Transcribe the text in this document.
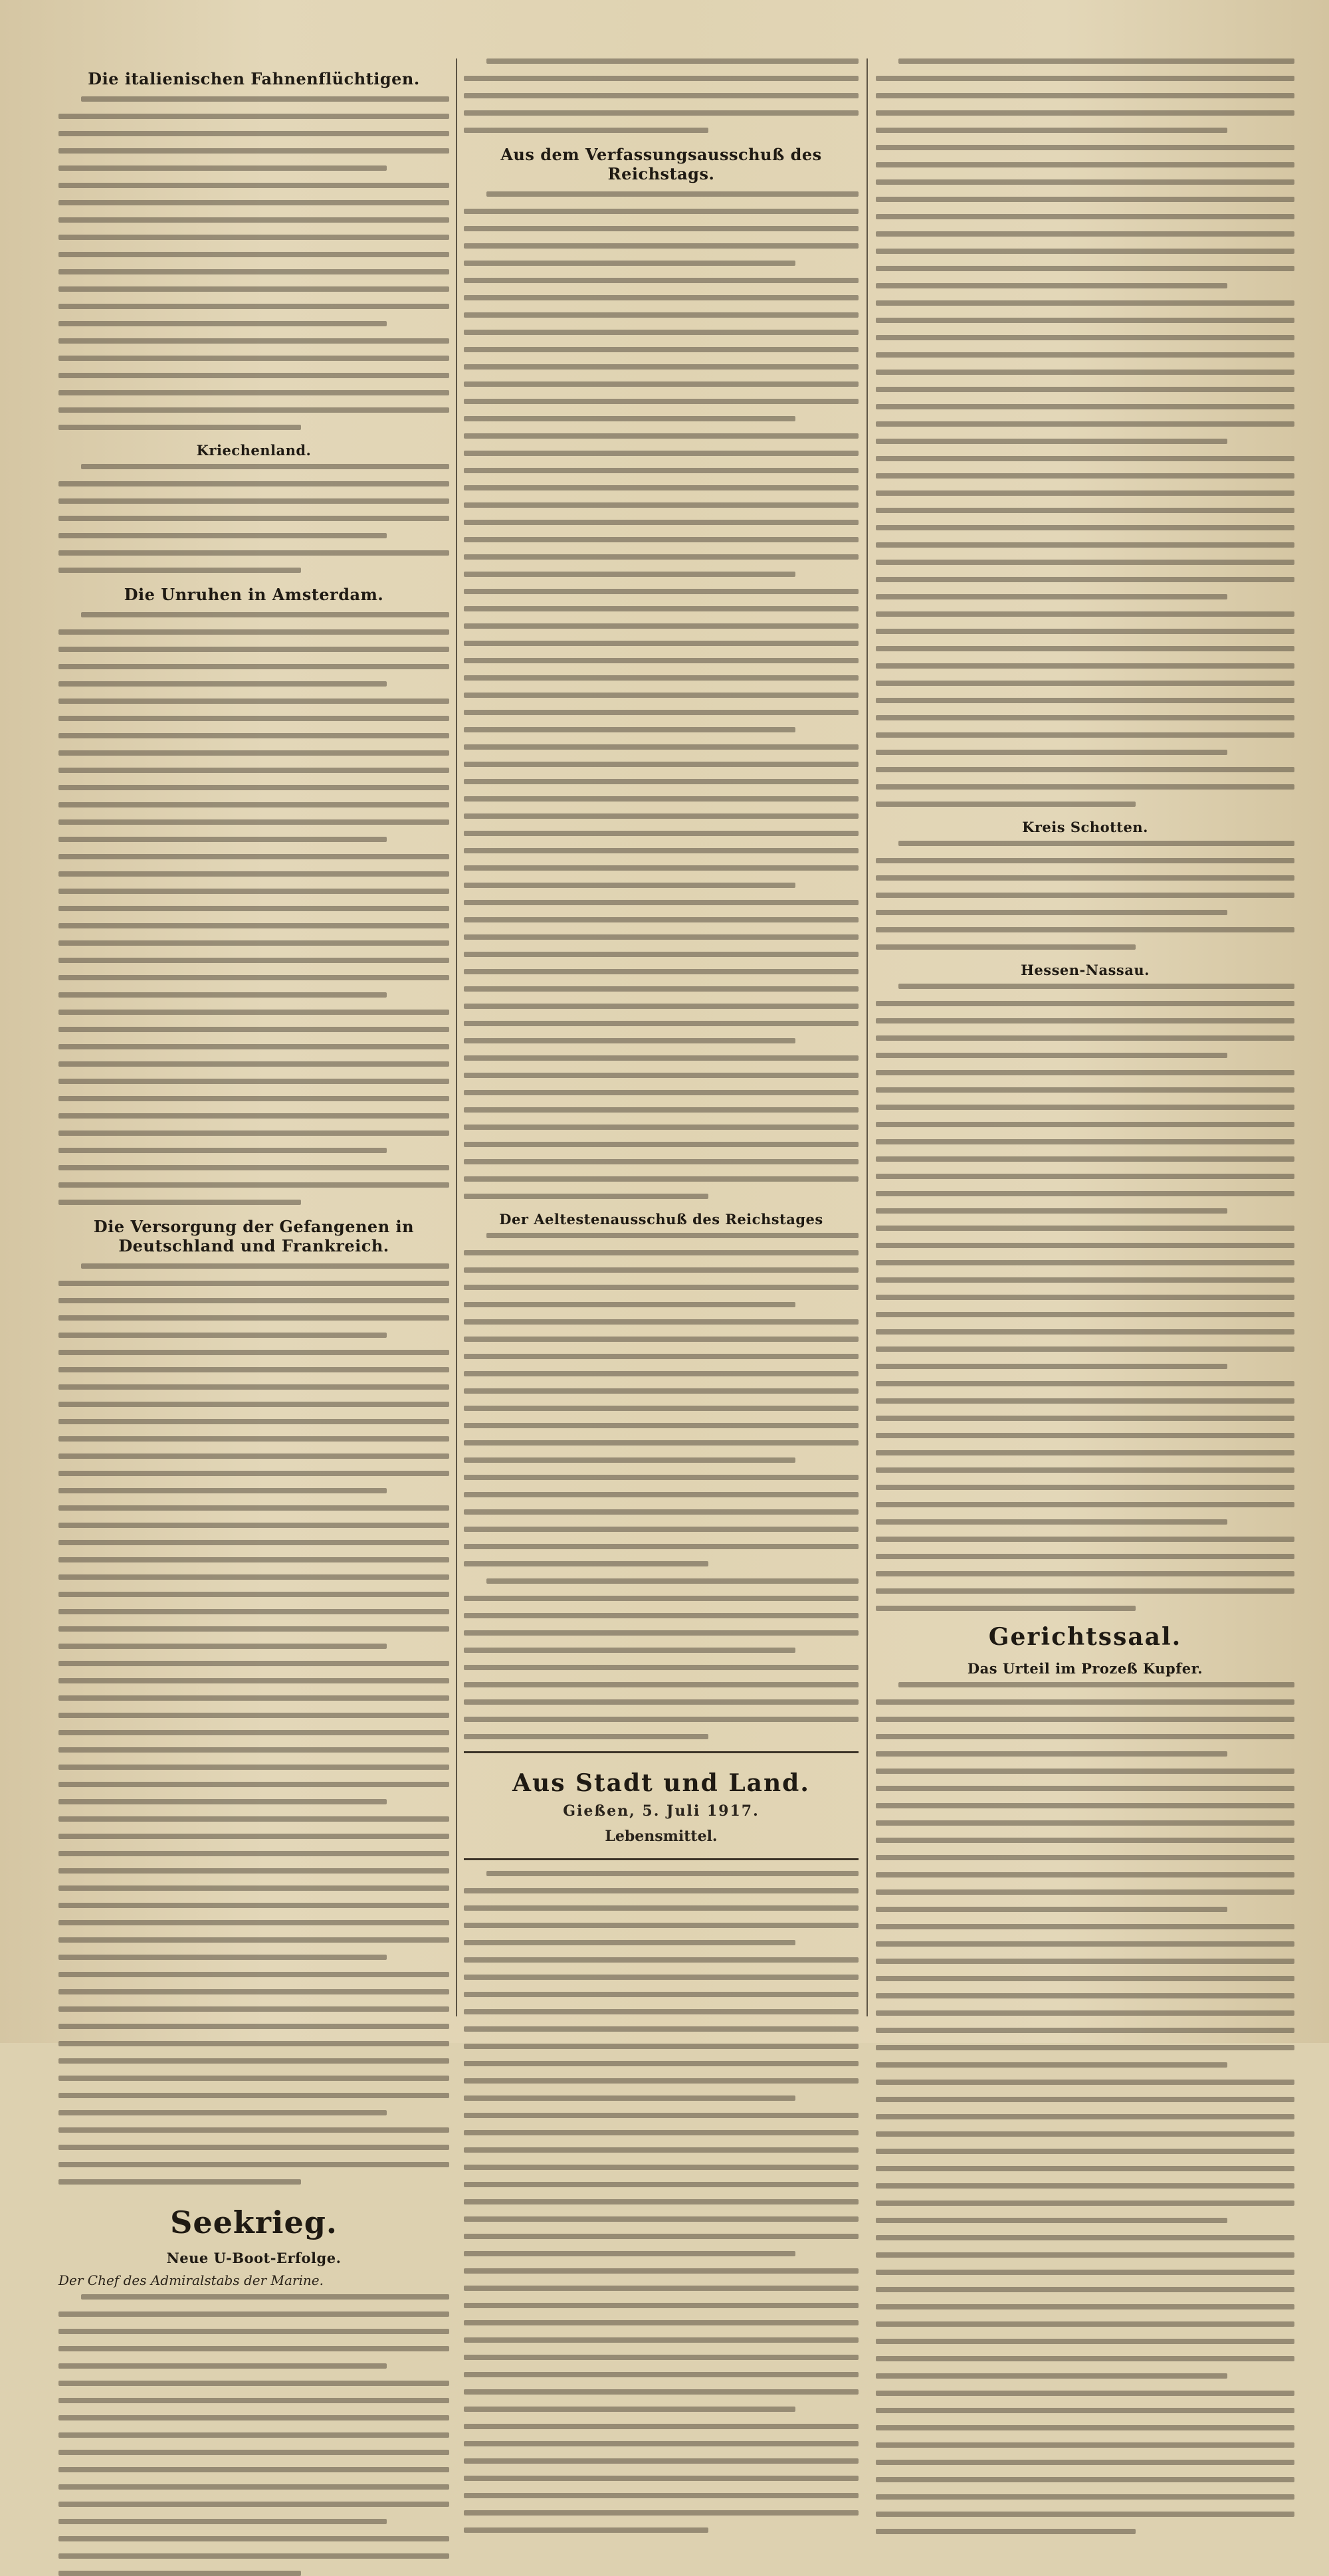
Die italienischen Fahnenflüchtigen.
Kriechenland.
Die Unruhen in Amsterdam.
Die Versorgung der Gefangenen in Deutschland und Frankreich.
Seekrieg.
Neue U-Boot-Erfolge.
Der Chef des Admiralstabs der Marine.
Aus dem Verfassungsausschuß des Reichstags.
Der Aeltestenausschuß des Reichstages
Aus Stadt und Land.
Gießen, 5. Juli 1917.
Lebensmittel.
Kreis Schotten.
Hessen-Nassau.
Gerichtssaal.
Das Urteil im Prozeß Kupfer.
